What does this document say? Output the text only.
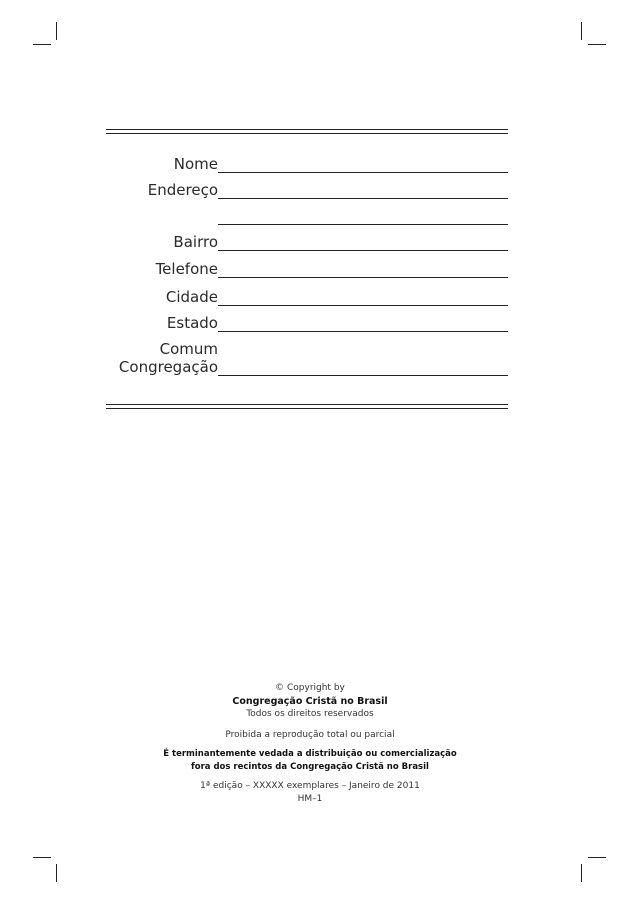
Nome
Endereço
Bairro
Telefone
Cidade
Estado
Comum
Congregação
© Copyright by
Congregação Cristã no Brasil
Todos os direitos reservados
Proibida a reprodução total ou parcial
É terminantemente vedada a distribuição ou comercialização
fora dos recintos da Congregação Cristã no Brasil
1ª edição – XXXXX exemplares – Janeiro de 2011
HM–1
